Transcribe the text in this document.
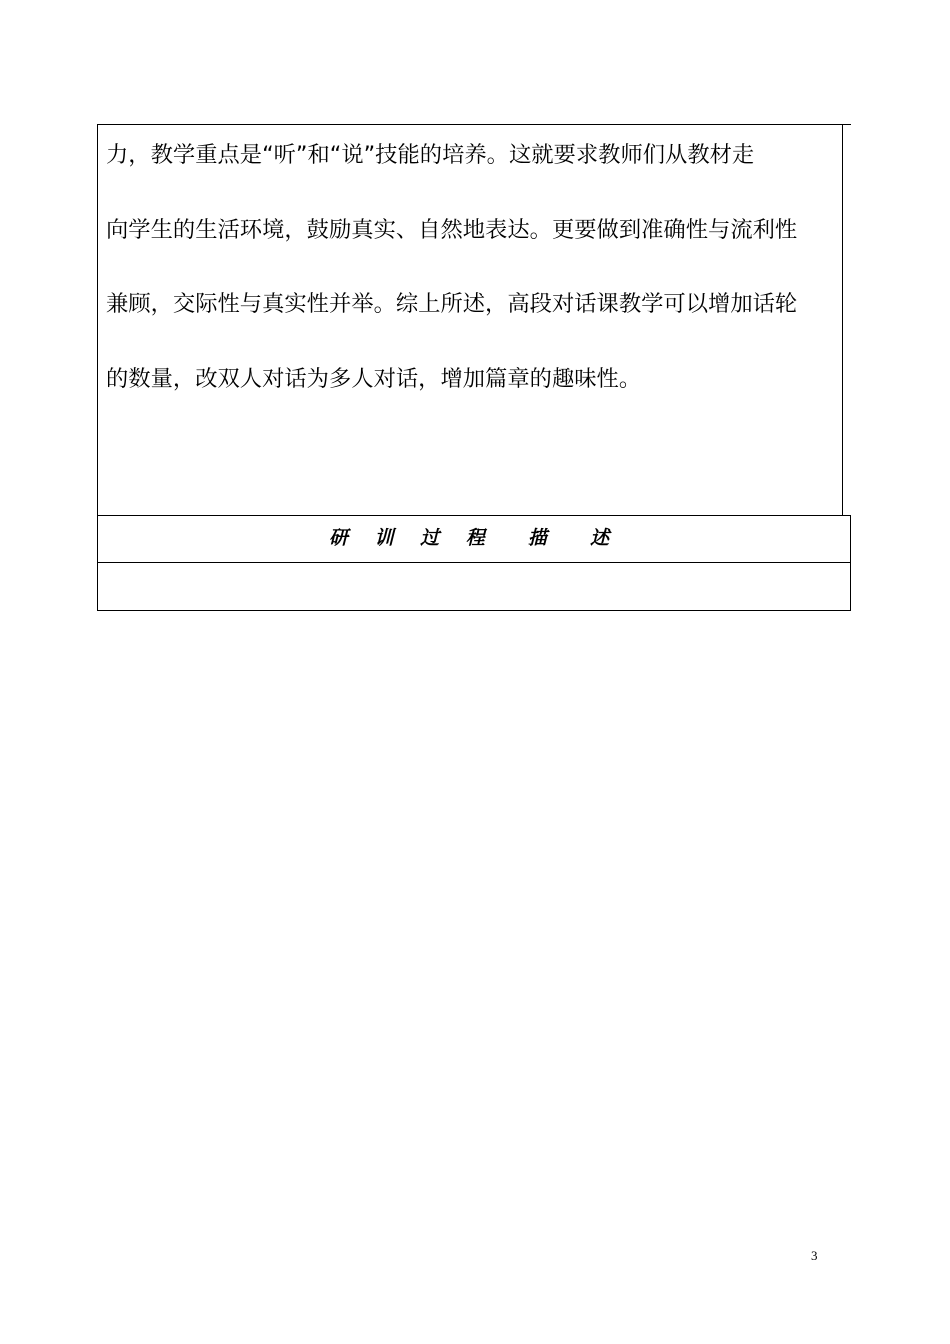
力，教学重点是“听”和“说”技能的培养。这就要求教师们从教材走
向学生的生活环境，鼓励真实、自然地表达。更要做到准确性与流利性
兼顾，交际性与真实性并举。综上所述，高段对话课教学可以增加话轮
的数量，改双人对话为多人对话，增加篇章的趣味性。
研 训 过 程  描  述
3
